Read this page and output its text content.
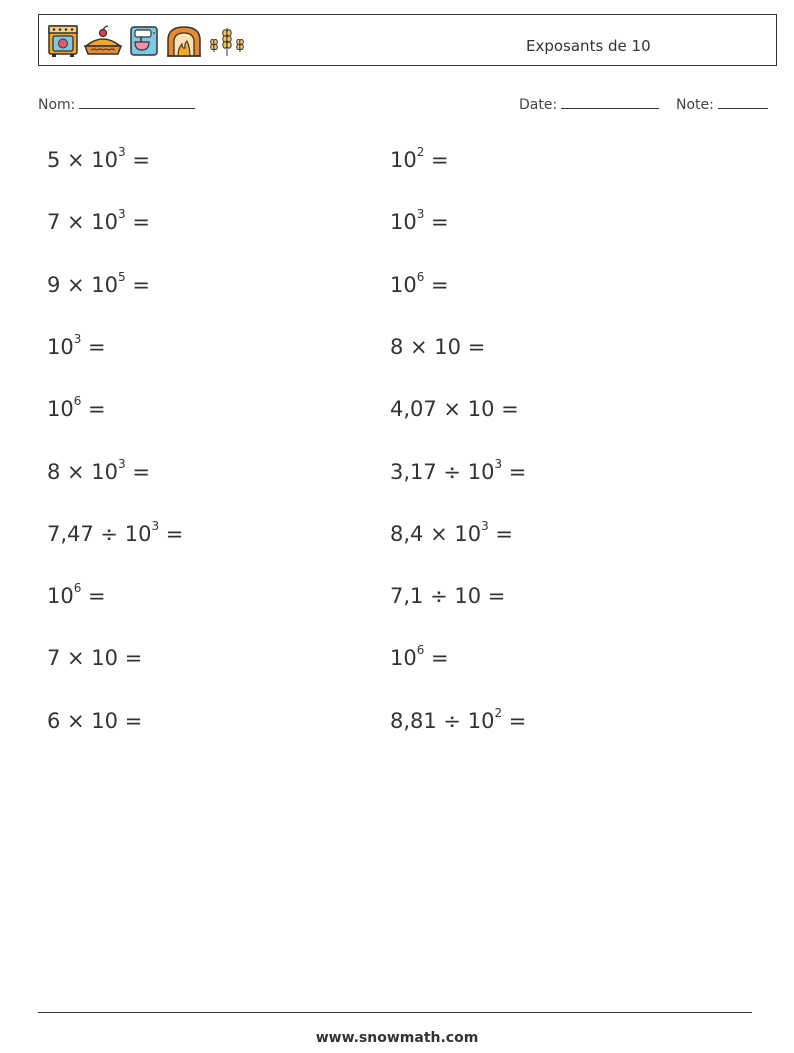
Exposants de 10
Nom:	Date:	Note:
$5 \times 10^3$ =	$10^2$ =
$7 \times 10^3$ =	$10^3$ =
$9 \times 10^5$ =	$10^6$ =
$10^3$ =	8 × 10 =
$10^6$ =	4,07 × 10 =
$8 \times 10^3$ =	$3,17 \div 10^3$ =
$7,47 \div 10^3$ =	$8,4 \times 10^3$ =
$10^6$ =	7,1 ÷ 10 =
7 × 10 =	$10^6$ =
6 × 10 =	$8,81 \div 10^2$ =
www.snowmath.com
